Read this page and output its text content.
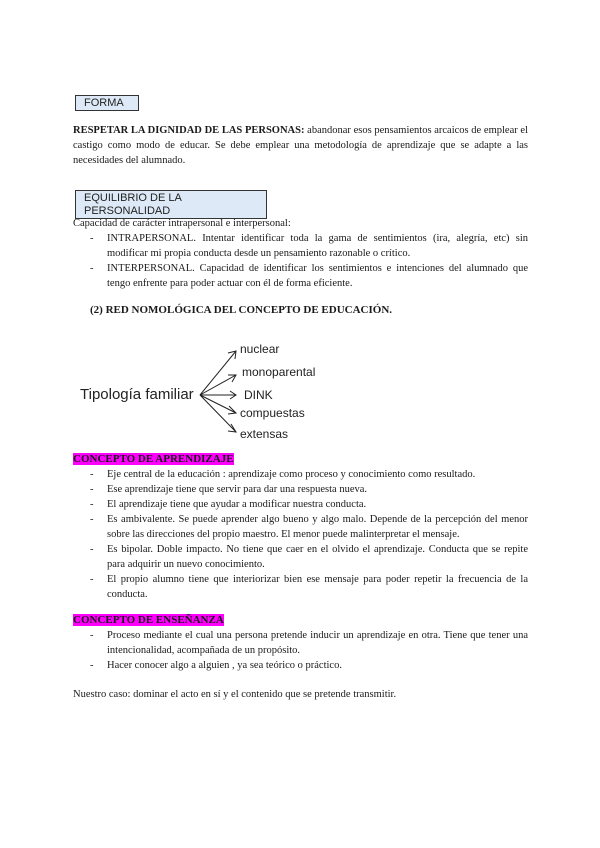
FORMA
RESPETAR LA DIGNIDAD DE LAS PERSONAS: abandonar esos pensamientos arcaicos de emplear el castigo como modo de educar. Se debe emplear una metodología de aprendizaje que se adapte a las necesidades del alumnado.
EQUILIBRIO DE LA PERSONALIDAD
Capacidad de carácter intrapersonal e interpersonal:
- INTRAPERSONAL. Intentar identificar toda la gama de sentimientos (ira, alegría, etc) sin modificar mi propia conducta desde un pensamiento razonable o crítico.
- INTERPERSONAL. Capacidad de identificar los sentimientos e intenciones del alumnado que tengo enfrente para poder actuar con él de forma eficiente.
(2) RED NOMOLÓGICA DEL CONCEPTO DE EDUCACIÓN.
Tipología familiar
nuclear
monoparental
DINK
compuestas
extensas
CONCEPTO DE APRENDIZAJE
- Eje central de la educación : aprendizaje como proceso y conocimiento como resultado.
- Ese aprendizaje tiene que servir para dar una respuesta nueva.
- El aprendizaje tiene que ayudar a modificar nuestra conducta.
- Es ambivalente. Se puede aprender algo bueno y algo malo. Depende de la percepción del menor sobre las direcciones del propio maestro. El menor puede malinterpretar el mensaje.
- Es bipolar. Doble impacto. No tiene que caer en el olvido el aprendizaje. Conducta que se repite para adquirir un nuevo conocimiento.
- El propio alumno tiene que interiorizar bien ese mensaje para poder repetir la frecuencia de la conducta.
CONCEPTO DE ENSEÑANZA
- Proceso mediante el cual una persona pretende inducir un aprendizaje en otra. Tiene que tener una intencionalidad, acompañada de un propósito.
- Hacer conocer algo a alguien , ya sea teórico o práctico.
Nuestro caso: dominar el acto en sí y el contenido que se pretende transmitir.
